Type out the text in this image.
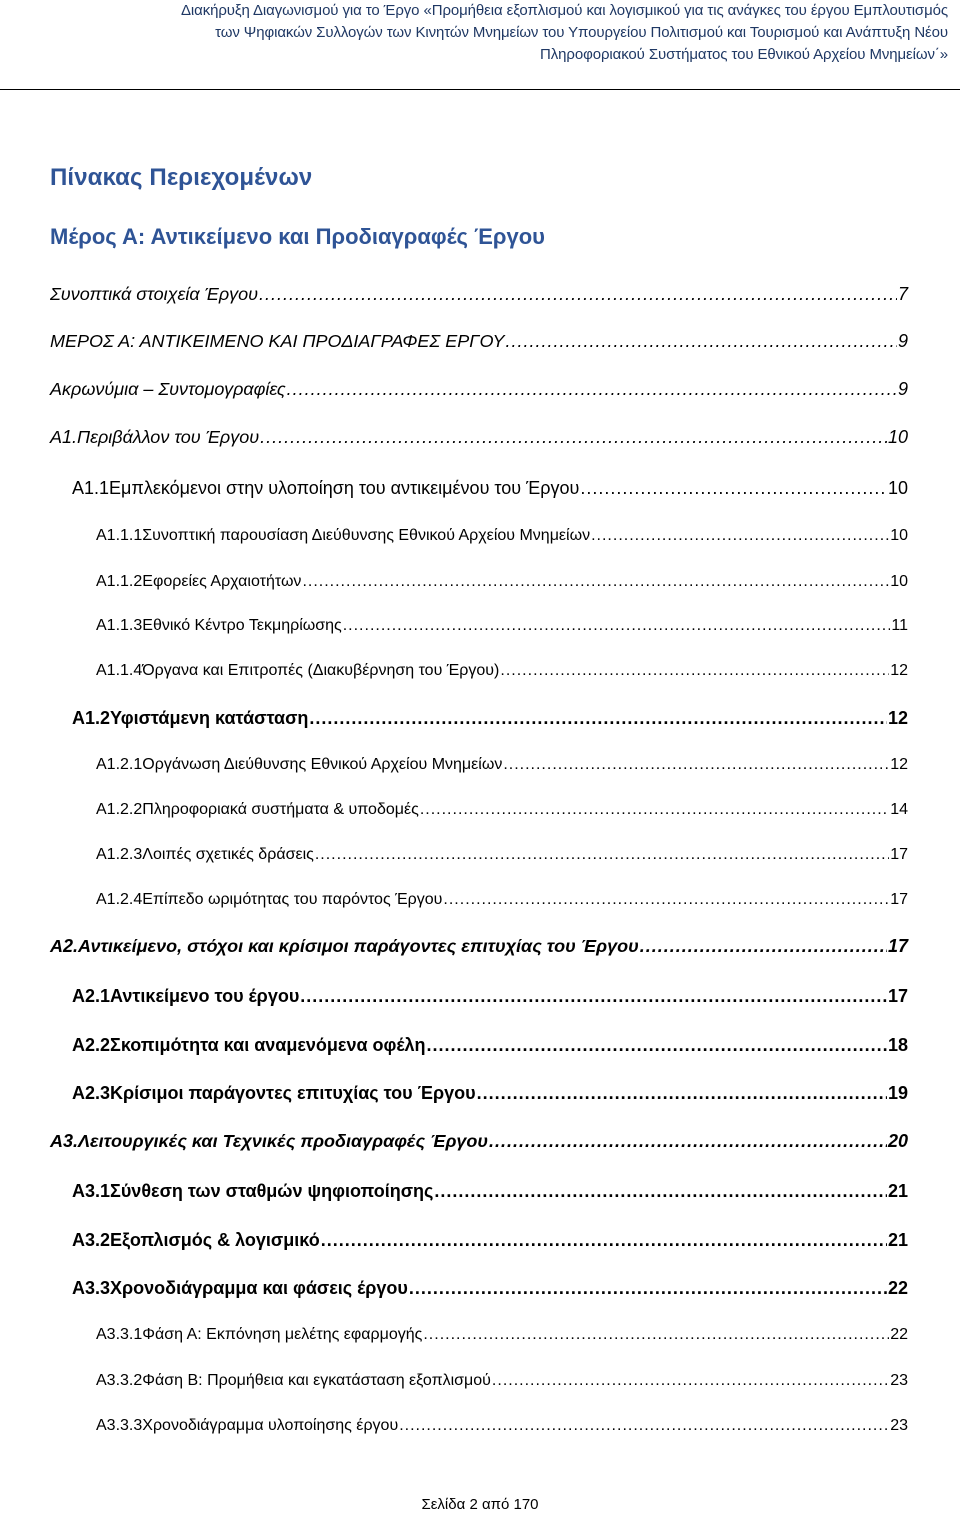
Διακήρυξη Διαγωνισμού για το Έργο «Προμήθεια εξοπλισμού και λογισμικού για τις ανάγκες του έργου Εμπλουτισμός
των Ψηφιακών Συλλογών των Κινητών Μνημείων του Υπουργείου Πολιτισμού και Τουρισμού και Ανάπτυξη Νέου
Πληροφοριακού Συστήματος του Εθνικού Αρχείου Μνημείων΄»
Πίνακας Περιεχομένων
Μέρος Α: Αντικείμενο και Προδιαγραφές Έργου
Συνοπτικά στοιχεία Έργου .....	7
ΜΕΡΟΣ Α: ΑΝΤΙΚΕΙΜΕΝΟ ΚΑΙ ΠΡΟΔΙΑΓΡΑΦΕΣ ΕΡΓΟΥ .....	9
Ακρωνύμια – Συντομογραφίες .....	9
Α1. Περιβάλλον του Έργου .....	10
Α1.1 Εμπλεκόμενοι στην υλοποίηση του αντικειμένου του Έργου .....	10
Α1.1.1 Συνοπτική παρουσίαση Διεύθυνσης Εθνικού Αρχείου Μνημείων .....	10
Α1.1.2 Εφορείες Αρχαιοτήτων .....	10
Α1.1.3 Εθνικό Κέντρο Τεκμηρίωσης .....	11
Α1.1.4 Όργανα και Επιτροπές (Διακυβέρνηση του Έργου) .....	12
Α1.2 Υφιστάμενη κατάσταση .....	12
Α1.2.1 Οργάνωση Διεύθυνσης Εθνικού Αρχείου Μνημείων .....	12
Α1.2.2 Πληροφοριακά συστήματα & υποδομές .....	14
Α1.2.3 Λοιπές σχετικές δράσεις .....	17
Α1.2.4 Επίπεδο ωριμότητας του παρόντος Έργου .....	17
Α2. Αντικείμενο, στόχοι και κρίσιμοι παράγοντες επιτυχίας του Έργου .....	17
Α2.1 Αντικείμενο του έργου .....	17
Α2.2 Σκοπιμότητα και αναμενόμενα οφέλη .....	18
Α2.3 Κρίσιμοι παράγοντες επιτυχίας του Έργου .....	19
Α3. Λειτουργικές και Τεχνικές προδιαγραφές Έργου .....	20
Α3.1 Σύνθεση των σταθμών ψηφιοποίησης .....	21
Α3.2 Εξοπλισμός & λογισμικό .....	21
Α3.3 Χρονοδιάγραμμα και φάσεις έργου .....	22
Α3.3.1 Φάση Α: Εκπόνηση μελέτης εφαρμογής .....	22
Α3.3.2 Φάση Β: Προμήθεια και εγκατάσταση εξοπλισμού .....	23
Α3.3.3 Χρονοδιάγραμμα υλοποίησης έργου .....	23
Σελίδα 2 από 170
